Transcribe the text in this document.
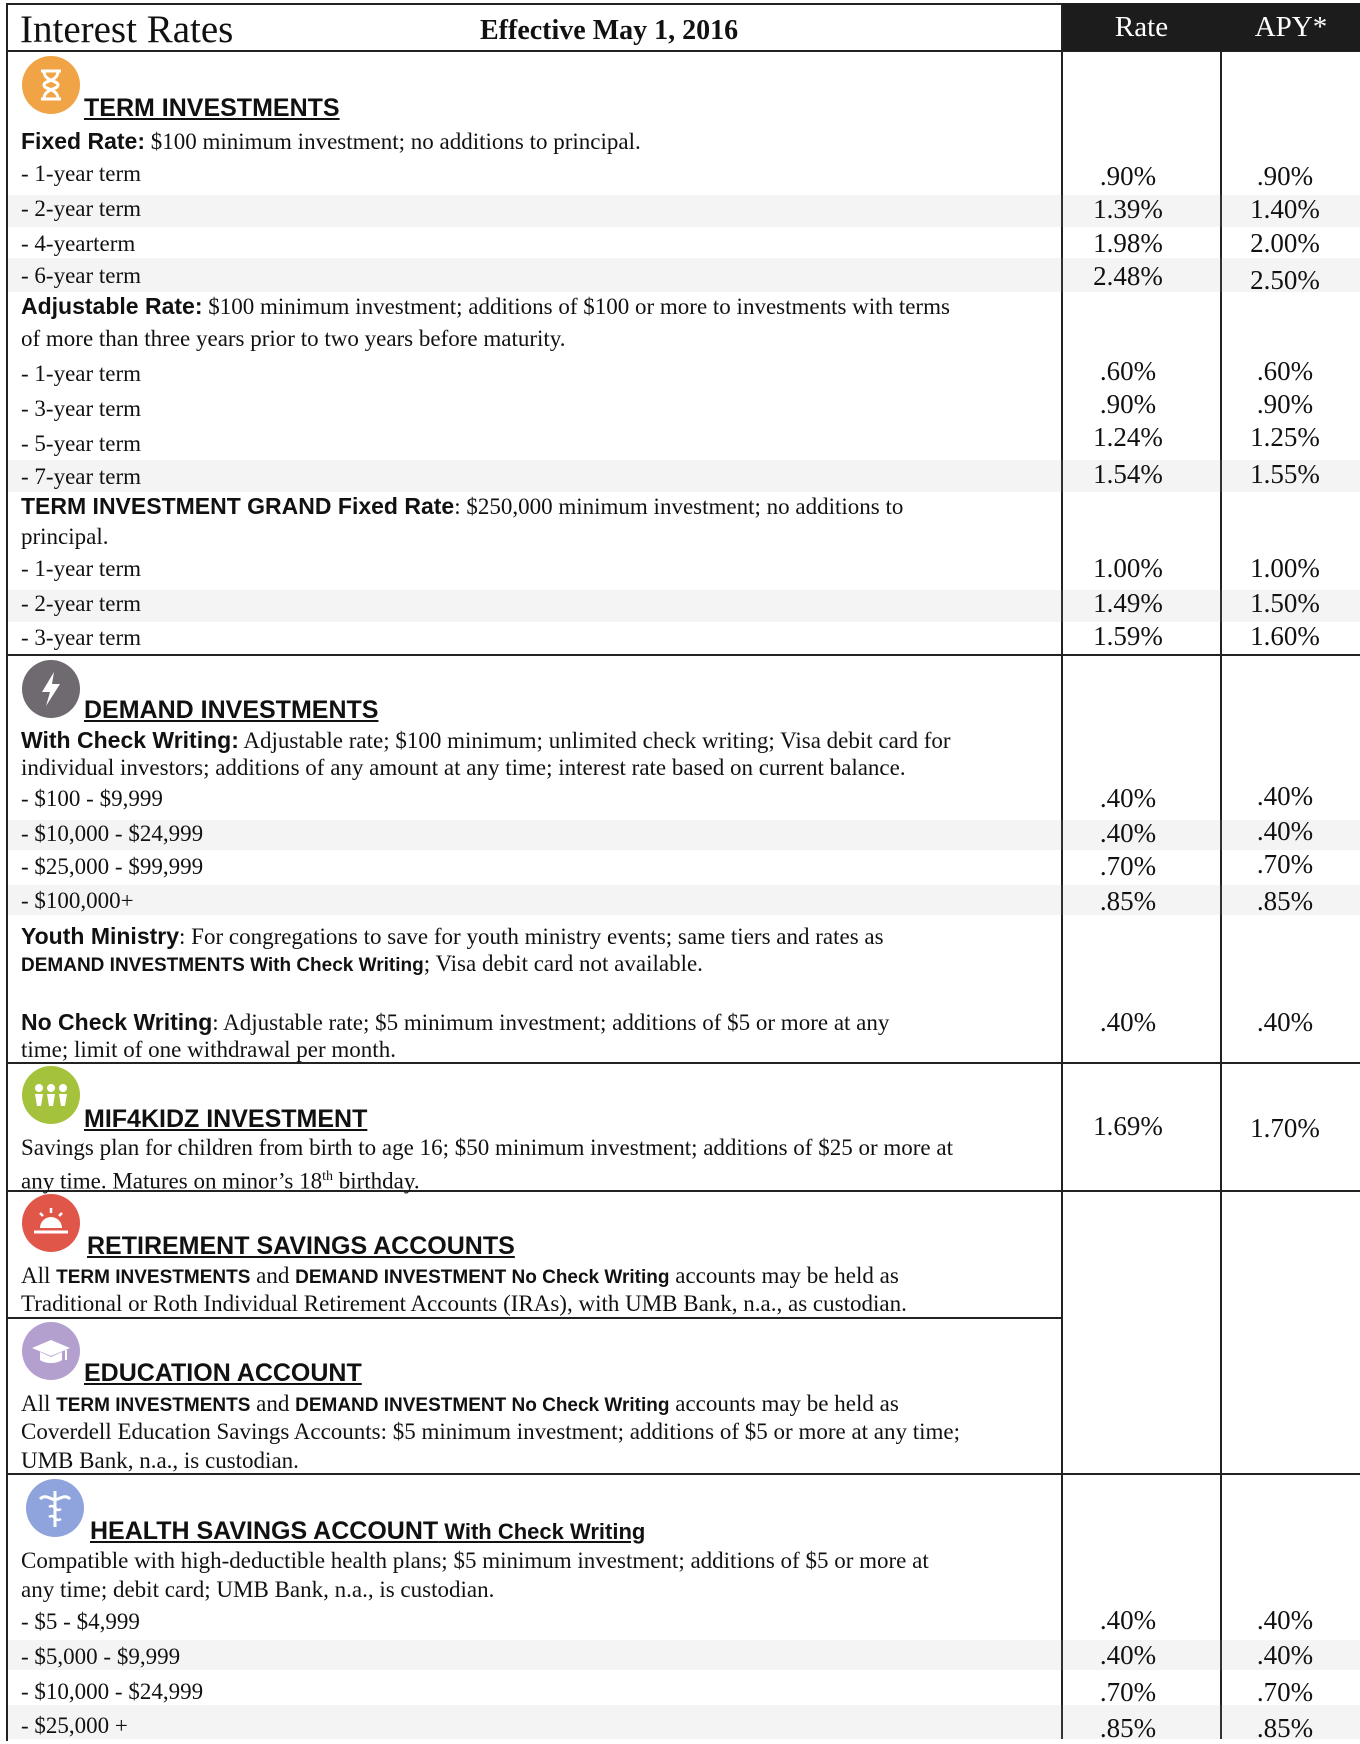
Interest Rates	Effective May 1, 2016	Rate	APY*
TERM INVESTMENTS
Fixed Rate: $100 minimum investment; no additions to principal.
- 1-year term	.90%	.90%
- 2-year term	1.39%	1.40%
- 4-yearterm	1.98%	2.00%
- 6-year term	2.48%	2.50%
Adjustable Rate: $100 minimum investment; additions of $100 or more to investments with terms
of more than three years prior to two years before maturity.
- 1-year term	.60%	.60%
- 3-year term	.90%	.90%
- 5-year term	1.24%	1.25%
- 7-year term	1.54%	1.55%
TERM INVESTMENT GRAND Fixed Rate: $250,000 minimum investment; no additions to
principal.
- 1-year term	1.00%	1.00%
- 2-year term	1.49%	1.50%
- 3-year term	1.59%	1.60%
DEMAND INVESTMENTS
With Check Writing: Adjustable rate; $100 minimum; unlimited check writing; Visa debit card for
individual investors; additions of any amount at any time; interest rate based on current balance.
- $100 - $9,999	.40%	.40%
- $10,000 - $24,999	.40%	.40%
- $25,000 - $99,999	.70%	.70%
- $100,000+	.85%	.85%
Youth Ministry: For congregations to save for youth ministry events; same tiers and rates as
DEMAND INVESTMENTS With Check Writing; Visa debit card not available.
No Check Writing: Adjustable rate; $5 minimum investment; additions of $5 or more at any
time; limit of one withdrawal per month.
.40%	.40%
MIF4KIDZ INVESTMENT
Savings plan for children from birth to age 16; $50 minimum investment; additions of $25 or more at
any time. Matures on minor’s 18th birthday.
1.69%	1.70%
RETIREMENT SAVINGS ACCOUNTS
All TERM INVESTMENTS and DEMAND INVESTMENT No Check Writing accounts may be held as
Traditional or Roth Individual Retirement Accounts (IRAs), with UMB Bank, n.a., as custodian.
EDUCATION ACCOUNT
All TERM INVESTMENTS and DEMAND INVESTMENT No Check Writing accounts may be held as
Coverdell Education Savings Accounts: $5 minimum investment; additions of $5 or more at any time;
UMB Bank, n.a., is custodian.
HEALTH SAVINGS ACCOUNT With Check Writing
Compatible with high-deductible health plans; $5 minimum investment; additions of $5 or more at
any time; debit card; UMB Bank, n.a., is custodian.
- $5 - $4,999	.40%	.40%
- $5,000 - $9,999	.40%	.40%
- $10,000 - $24,999	.70%	.70%
- $25,000 +	.85%	.85%
